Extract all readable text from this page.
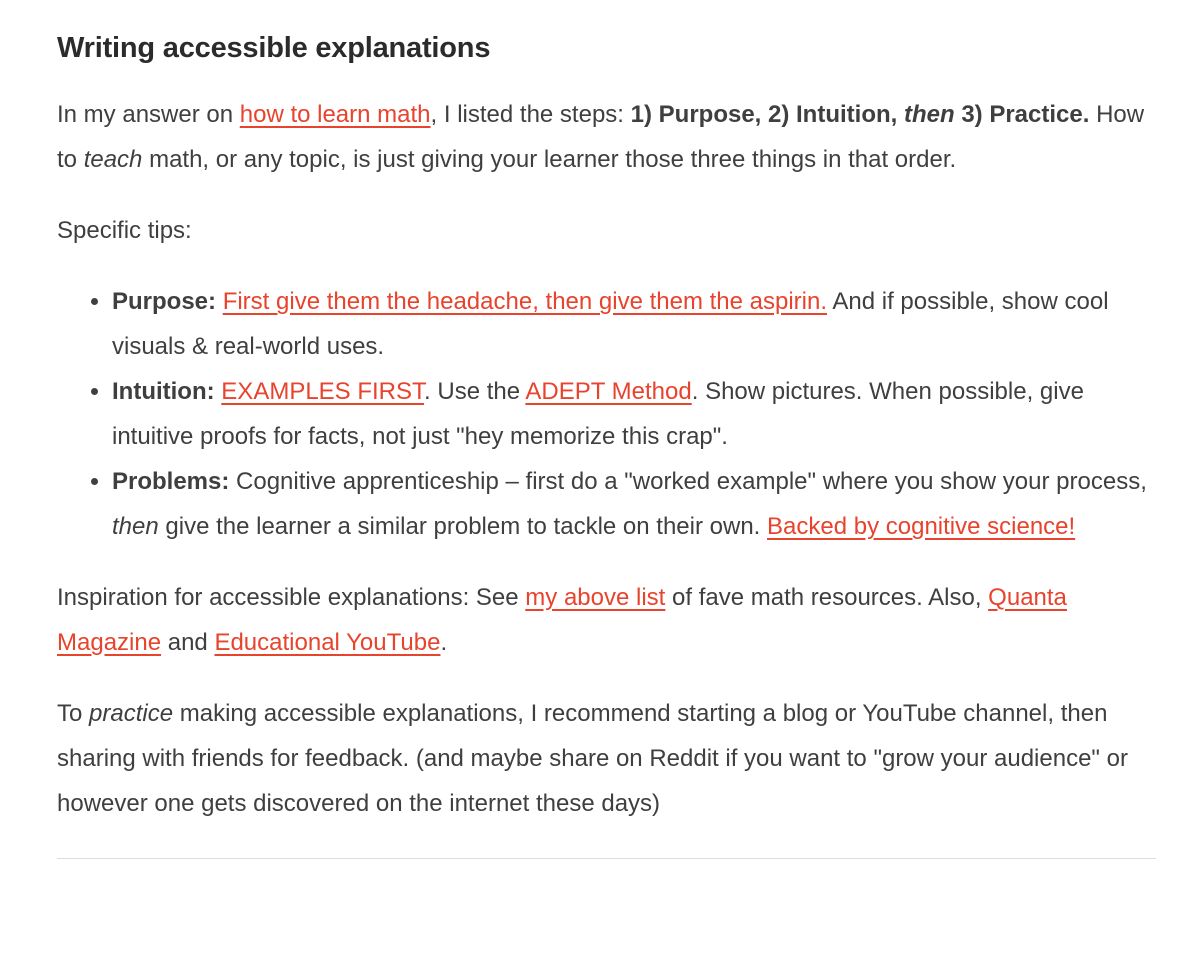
Writing accessible explanations

In my answer on how to learn math, I listed the steps: 1) Purpose, 2) Intuition, then 3) Practice. How to teach math, or any topic, is just giving your learner those three things in that order.

Specific tips:

• Purpose: First give them the headache, then give them the aspirin. And if possible, show cool visuals & real-world uses.
• Intuition: EXAMPLES FIRST. Use the ADEPT Method. Show pictures. When possible, give intuitive proofs for facts, not just "hey memorize this crap".
• Problems: Cognitive apprenticeship – first do a "worked example" where you show your process, then give the learner a similar problem to tackle on their own. Backed by cognitive science!

Inspiration for accessible explanations: See my above list of fave math resources. Also, Quanta Magazine and Educational YouTube.

To practice making accessible explanations, I recommend starting a blog or YouTube channel, then sharing with friends for feedback. (and maybe share on Reddit if you want to "grow your audience" or however one gets discovered on the internet these days)
